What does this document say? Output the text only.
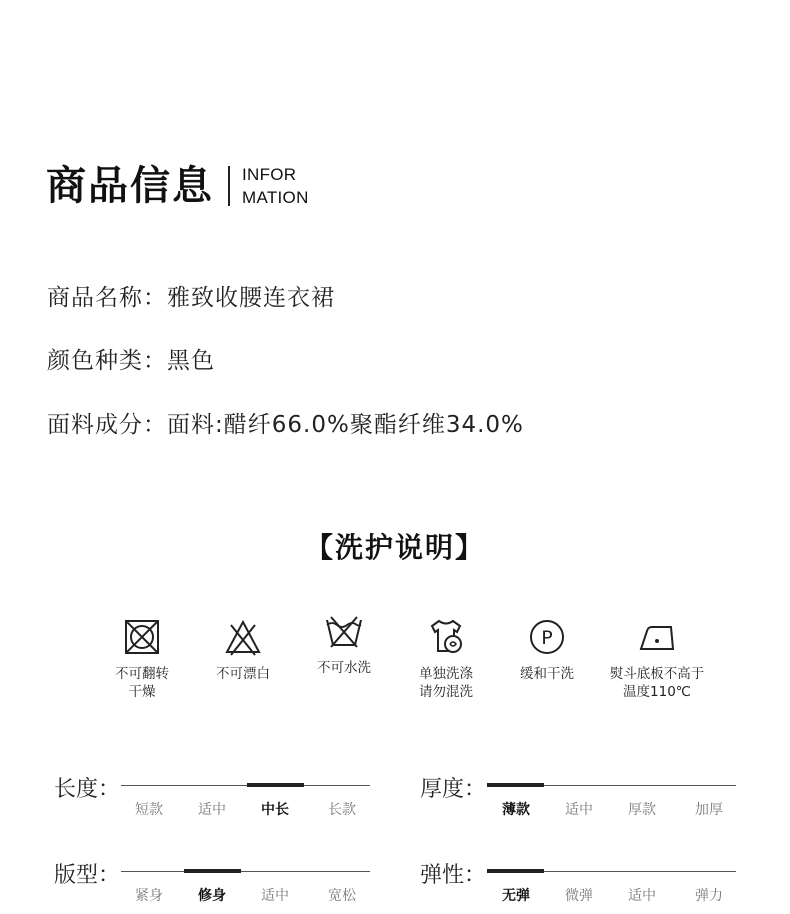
商品信息 INFOR
MATION
商品名称：雅致收腰连衣裙
颜色种类：黑色
面料成分：面料:醋纤66.0%聚酯纤维34.0%
【洗护说明】
不可翻转
干燥
不可漂白	不可水洗	单独洗涤
请勿混洗
P
缓和干洗	熨斗底板不高于
温度110℃
长度：
短款	适中	中长	长款
厚度：
薄款	适中	厚款	加厚
版型：
紧身	修身	适中	宽松
弹性：
无弹	微弹	适中	弹力
